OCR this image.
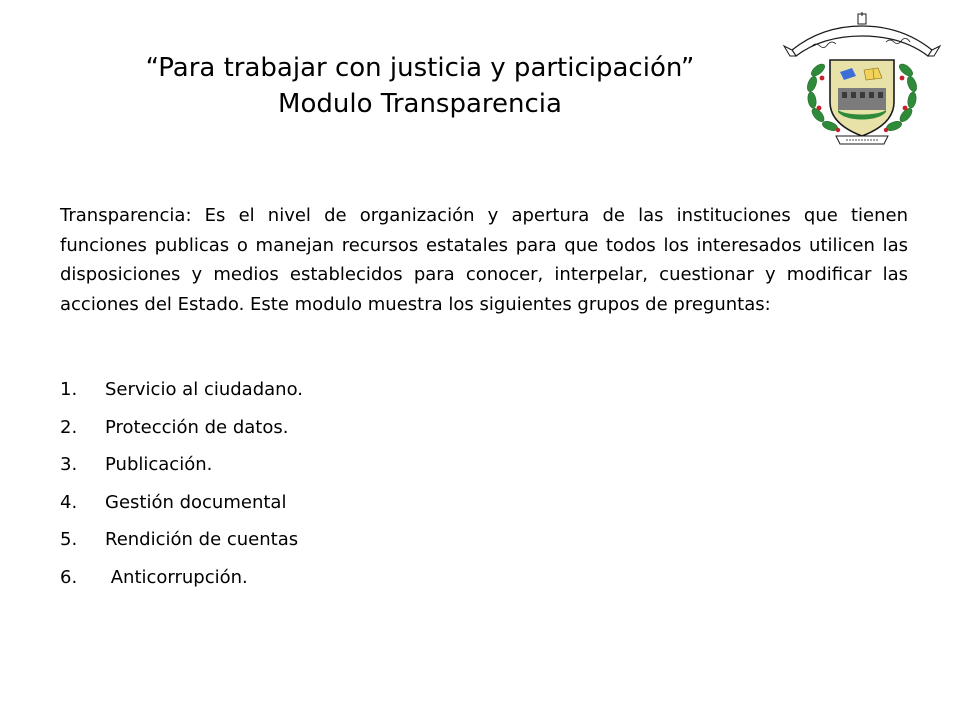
“Para trabajar con justicia y participación”
Modulo Transparencia

Transparencia: Es el nivel de organización y apertura de las instituciones que tienen funciones publicas o manejan recursos estatales para que todos los interesados utilicen las disposiciones y medios establecidos para conocer, interpelar, cuestionar y modificar las acciones del Estado. Este modulo muestra los siguientes grupos de preguntas:

1. Servicio al ciudadano.
2. Protección de datos.
3. Publicación.
4. Gestión documental
5. Rendición de cuentas
6. Anticorrupción.
